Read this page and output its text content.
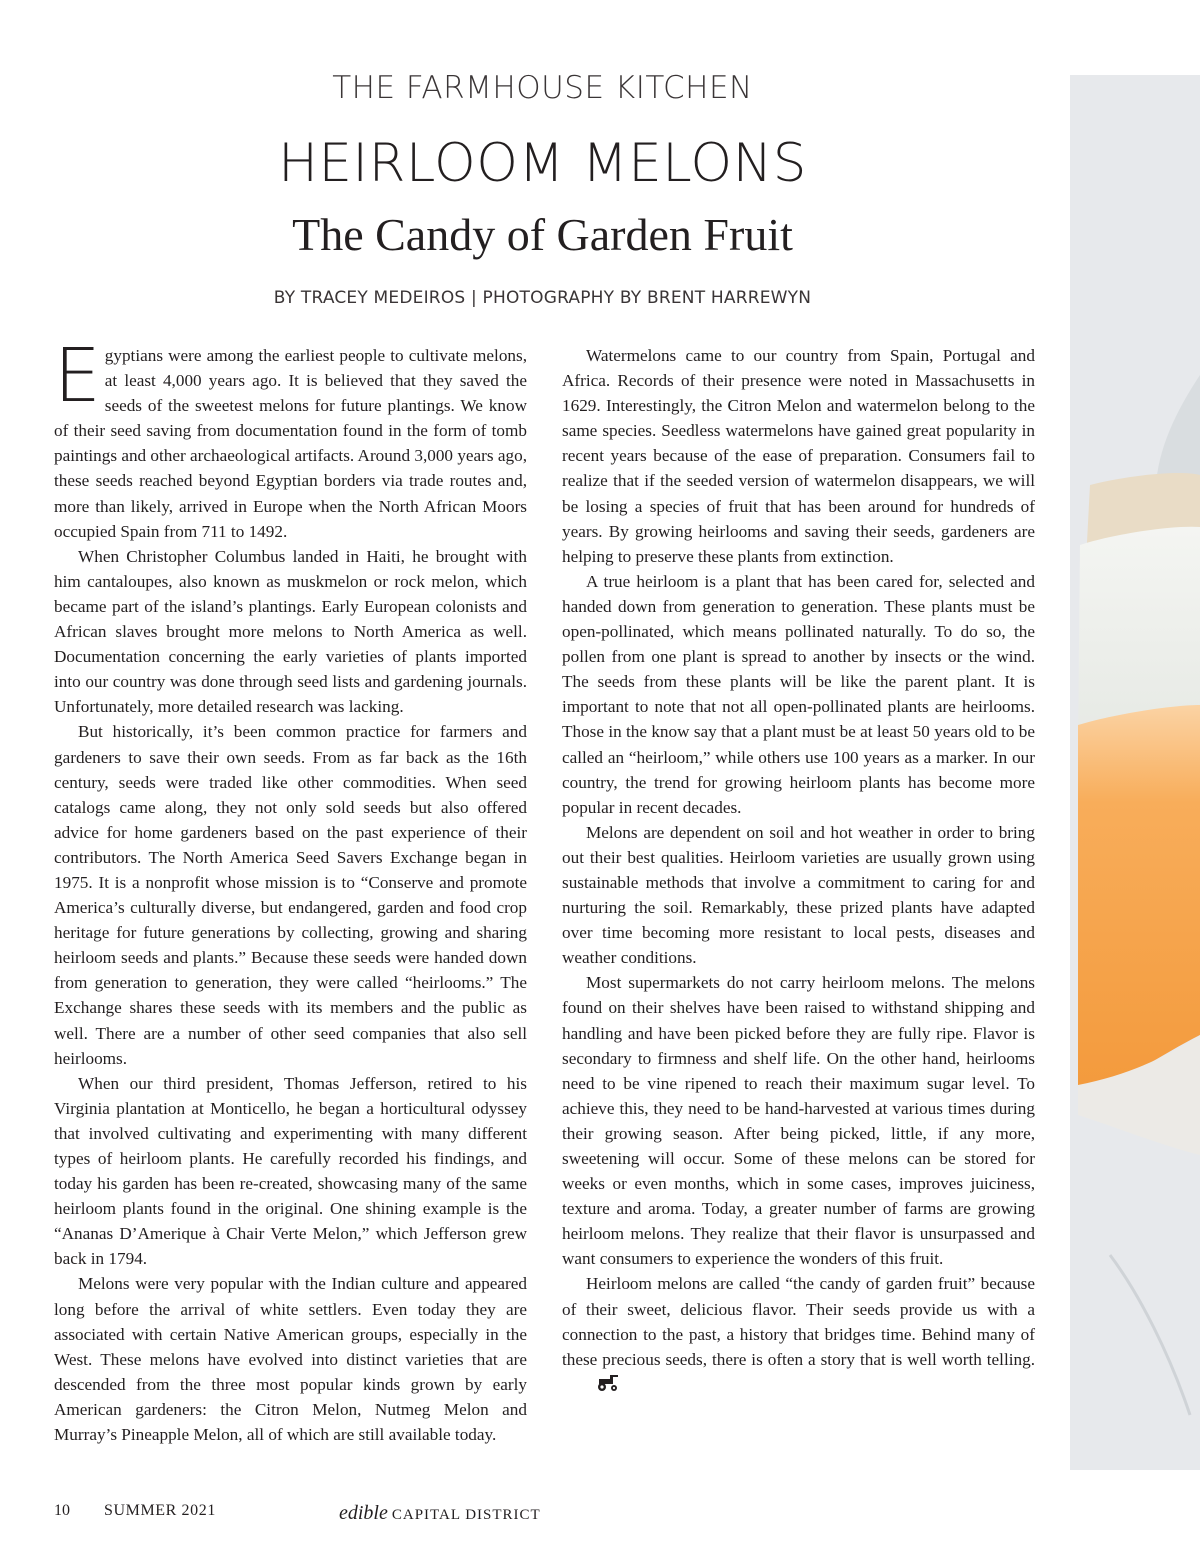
THE FARMHOUSE KITCHEN
HEIRLOOM MELONS
The Candy of Garden Fruit
BY TRACEY MEDEIROS | PHOTOGRAPHY BY BRENT HARREWYN

Egyptians were among the earliest people to cultivate melons, at least 4,000 years ago. It is believed that they saved the seeds of the sweetest melons for future plantings. We know of their seed saving from documentation found in the form of tomb paintings and other archaeological artifacts. Around 3,000 years ago, these seeds reached beyond Egyptian borders via trade routes and, more than likely, arrived in Europe when the North African Moors occupied Spain from 711 to 1492.

When Christopher Columbus landed in Haiti, he brought with him cantaloupes, also known as muskmelon or rock melon, which became part of the island’s plantings. Early European colonists and African slaves brought more melons to North America as well. Documentation concerning the early varieties of plants imported into our country was done through seed lists and gardening journals. Unfortunately, more detailed research was lacking.

But historically, it’s been common practice for farmers and gardeners to save their own seeds. From as far back as the 16th century, seeds were traded like other commodities. When seed catalogs came along, they not only sold seeds but also offered advice for home gardeners based on the past experience of their contributors. The North America Seed Savers Exchange began in 1975. It is a nonprofit whose mission is to “Conserve and promote America’s culturally diverse, but endangered, garden and food crop heritage for future generations by collecting, growing and sharing heirloom seeds and plants.” Because these seeds were handed down from generation to generation, they were called “heirlooms.” The Exchange shares these seeds with its members and the public as well. There are a number of other seed companies that also sell heirlooms.

When our third president, Thomas Jefferson, retired to his Virginia plantation at Monticello, he began a horticultural odyssey that involved cultivating and experimenting with many different types of heirloom plants. He carefully recorded his findings, and today his garden has been re-created, showcasing many of the same heirloom plants found in the original. One shining example is the “Ananas D’Amerique à Chair Verte Melon,” which Jefferson grew back in 1794.

Melons were very popular with the Indian culture and appeared long before the arrival of white settlers. Even today they are associated with certain Native American groups, especially in the West. These melons have evolved into distinct varieties that are descended from the three most popular kinds grown by early American gardeners: the Citron Melon, Nutmeg Melon and Murray’s Pineapple Melon, all of which are still available today.

Watermelons came to our country from Spain, Portugal and Africa. Records of their presence were noted in Massachusetts in 1629. Interestingly, the Citron Melon and watermelon belong to the same species. Seedless watermelons have gained great popularity in recent years because of the ease of preparation. Consumers fail to realize that if the seeded version of watermelon disappears, we will be losing a species of fruit that has been around for hundreds of years. By growing heirlooms and saving their seeds, gardeners are helping to preserve these plants from extinction.

A true heirloom is a plant that has been cared for, selected and handed down from generation to generation. These plants must be open-pollinated, which means pollinated naturally. To do so, the pollen from one plant is spread to another by insects or the wind. The seeds from these plants will be like the parent plant. It is important to note that not all open-pollinated plants are heirlooms. Those in the know say that a plant must be at least 50 years old to be called an “heirloom,” while others use 100 years as a marker. In our country, the trend for growing heirloom plants has become more popular in recent decades.

Melons are dependent on soil and hot weather in order to bring out their best qualities. Heirloom varieties are usually grown using sustainable methods that involve a commitment to caring for and nurturing the soil. Remarkably, these prized plants have adapted over time becoming more resistant to local pests, diseases and weather conditions.

Most supermarkets do not carry heirloom melons. The melons found on their shelves have been raised to withstand shipping and handling and have been picked before they are fully ripe. Flavor is secondary to firmness and shelf life. On the other hand, heirlooms need to be vine ripened to reach their maximum sugar level. To achieve this, they need to be hand-harvested at various times during their growing season. After being picked, little, if any more, sweetening will occur. Some of these melons can be stored for weeks or even months, which in some cases, improves juiciness, texture and aroma. Today, a greater number of farms are growing heirloom melons. They realize that their flavor is unsurpassed and want consumers to experience the wonders of this fruit.

Heirloom melons are called “the candy of garden fruit” because of their sweet, delicious flavor. Their seeds provide us with a connection to the past, a history that bridges time. Behind many of these precious seeds, there is often a story that is well worth telling.

10	SUMMER 2021	edible CAPITAL DISTRICT
